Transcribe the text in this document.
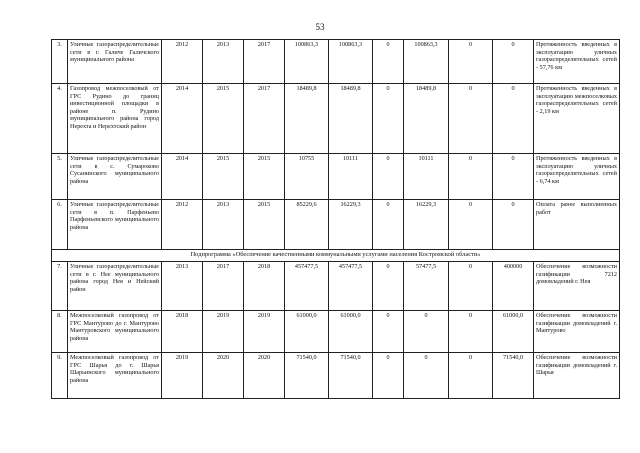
53
3.	Уличные газораспределительные сети в г. Галиче Галичского муниципального района	2012	2013	2017	100863,3	100863,3	0	100863,3	0	0	Протяженность введенных в эксплуатацию уличных газораспределительных сетей - 57,76 км
4.	Газопровод межпоселковый от ГРС Рудино до границ инвестиционной площадки в районе п. Рудино муниципального района город Нерехта и Нерехтский район	2014	2015	2017	18489,8	18489,8	0	18489,8	0	0	Протяженность введенных в эксплуатацию межпоселковых газораспределительных сетей - 2,19 км
5.	Уличные газораспределительные сети в с. Сумароково Сусанинского муниципального района	2014	2015	2015	10755	10111	0	10111	0	0	Протяженность введенных в эксплуатацию уличных газораспределительных сетей - 6,74 км
6.	Уличные газораспределительные сети в п. Парфеньево Парфеньевского муниципального района	2012	2013	2015	85229,6	16229,3	0	16229,3	0	0	Оплата ранее выполненных работ
Подпрограмма «Обеспечение качественными коммунальными услугами населения Костромской области»											
7.	Уличные газораспределительные сети в г. Нее муниципального района город Нея и Нейский район	2013	2017	2018	457477,5	457477,5	0	57477,5	0	400000	Обеспечение возможности газификации 7212 домовладений г. Нея
8.	Межпоселковый газопровод от ГРС Мантурово до г. Мантурово Мантуровского муниципального района	2018	2019	2019	61000,0	61000,0	0	0	0	61000,0	Обеспечение возможности газификации домовладений г. Мантурово
9.	Межпоселковый газопровод от ГРС Шарья до г. Шарья Шарьинского муниципального района	2019	2020	2020	71540,0	71540,0	0	0	0	71540,0	Обеспечение возможности газификации домовладений г. Шарья
